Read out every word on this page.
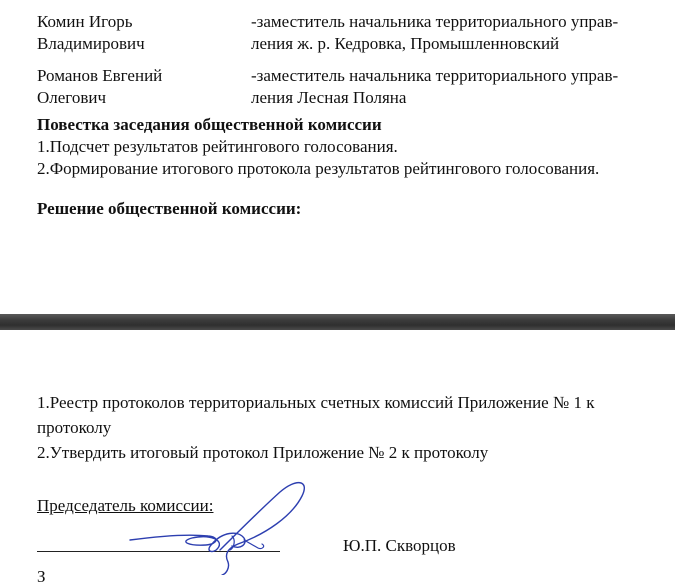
Комин Игорь
Владимирович
-заместитель начальника территориального управ-
ления ж. р. Кедровка, Промышленновский
Романов Евгений
Олегович
-заместитель начальника территориального управ-
ления Лесная Поляна
Повестка заседания общественной комиссии
1.Подсчет результатов рейтингового голосования.
2.Формирование итогового протокола результатов рейтингового голосования.
Решение общественной комиссии:
1.Реестр протоколов территориальных счетных комиссий Приложение № 1 к
протоколу
2.Утвердить итоговый протокол Приложение № 2 к протоколу
Председатель комиссии:
Ю.П. Скворцов
З
